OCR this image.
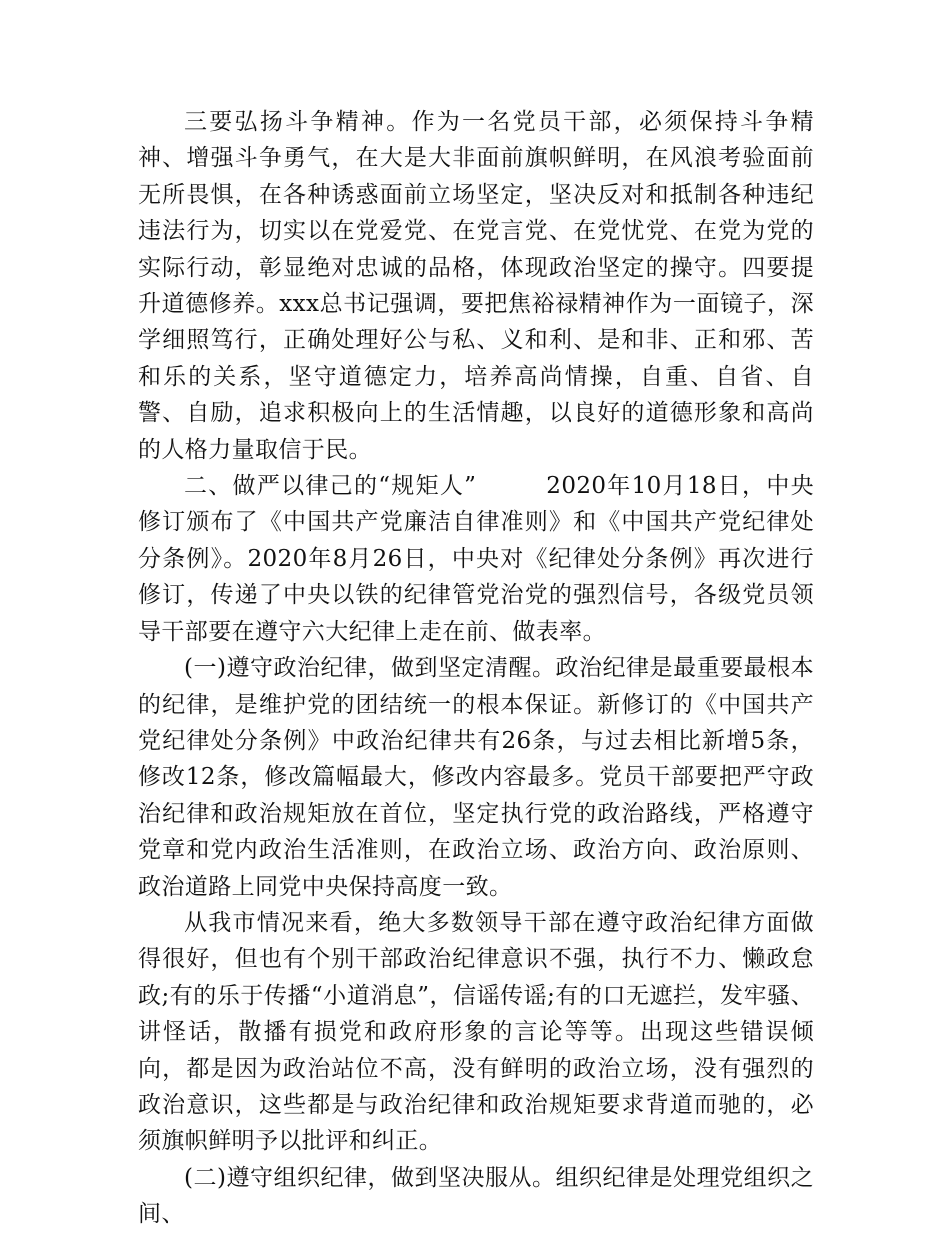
三要弘扬斗争精神。作为一名党员干部，必须保持斗争精神、增强斗争勇气，在大是大非面前旗帜鲜明，在风浪考验面前无所畏惧，在各种诱惑面前立场坚定，坚决反对和抵制各种违纪违法行为，切实以在党爱党、在党言党、在党忧党、在党为党的实际行动，彰显绝对忠诚的品格，体现政治坚定的操守。四要提升道德修养。xxx总书记强调，要把焦裕禄精神作为一面镜子，深学细照笃行，正确处理好公与私、义和利、是和非、正和邪、苦和乐的关系，坚守道德定力，培养高尚情操，自重、自省、自警、自励，追求积极向上的生活情趣，以良好的道德形象和高尚的人格力量取信于民。

二、做严以律己的“规矩人”	2020年10月18日，中央修订颁布了《中国共产党廉洁自律准则》和《中国共产党纪律处分条例》。2020年8月26日，中央对《纪律处分条例》再次进行修订，传递了中央以铁的纪律管党治党的强烈信号，各级党员领导干部要在遵守六大纪律上走在前、做表率。

(一)遵守政治纪律，做到坚定清醒。政治纪律是最重要最根本的纪律，是维护党的团结统一的根本保证。新修订的《中国共产党纪律处分条例》中政治纪律共有26条，与过去相比新增5条，修改12条，修改篇幅最大，修改内容最多。党员干部要把严守政治纪律和政治规矩放在首位，坚定执行党的政治路线，严格遵守党章和党内政治生活准则，在政治立场、政治方向、政治原则、政治道路上同党中央保持高度一致。

从我市情况来看，绝大多数领导干部在遵守政治纪律方面做得很好，但也有个别干部政治纪律意识不强，执行不力、懒政怠政;有的乐于传播“小道消息”，信谣传谣;有的口无遮拦，发牢骚、讲怪话，散播有损党和政府形象的言论等等。出现这些错误倾向，都是因为政治站位不高，没有鲜明的政治立场，没有强烈的政治意识，这些都是与政治纪律和政治规矩要求背道而驰的，必须旗帜鲜明予以批评和纠正。

(二)遵守组织纪律，做到坚决服从。组织纪律是处理党组织之间、
